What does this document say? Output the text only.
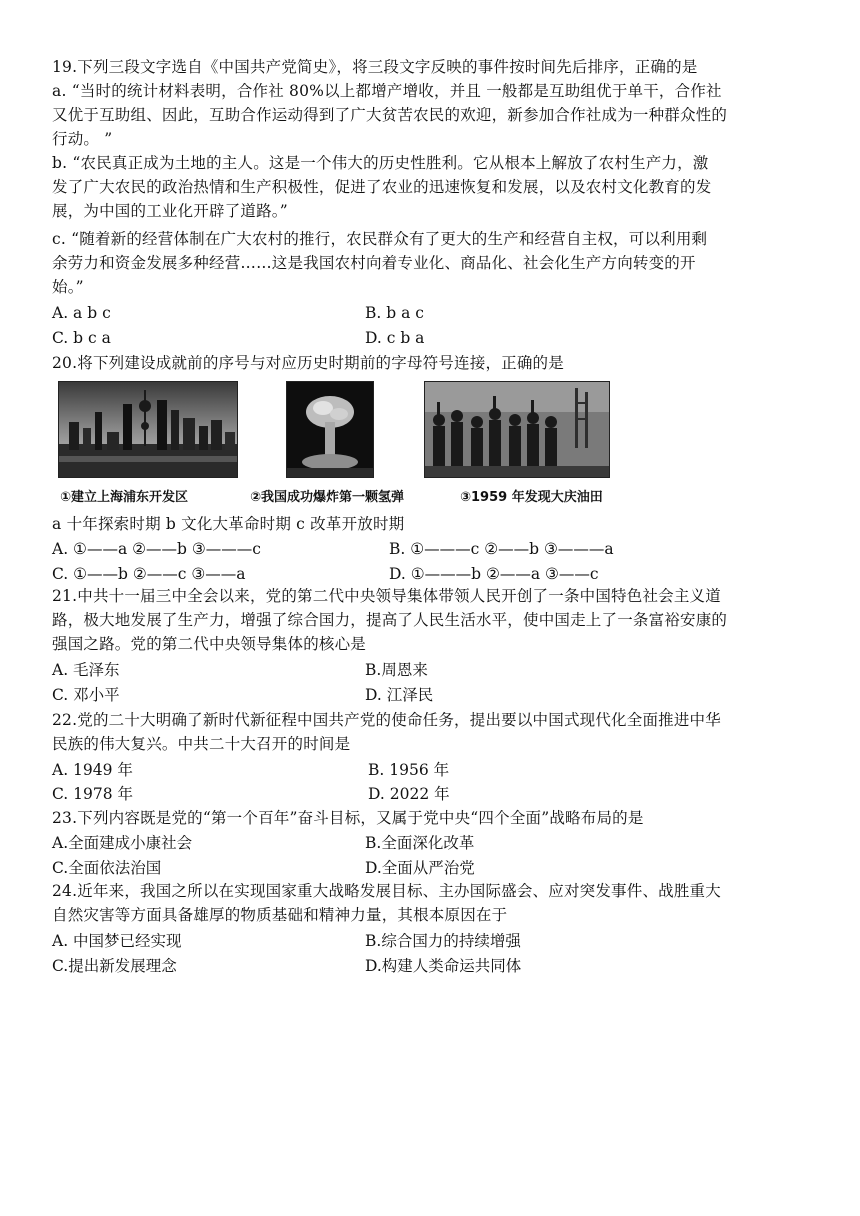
19.下列三段文字选自《中国共产党简史》，将三段文字反映的事件按时间先后排序，正确的是
a. “当时的统计材料表明，合作社 80%以上都增产增收，并且 一般都是互助组优于单干，合作社
又优于互助组、因此，互助合作运动得到了广大贫苦农民的欢迎，新参加合作社成为一种群众性的
行动。 ”
b. “农民真正成为土地的主人。这是一个伟大的历史性胜利。它从根本上解放了农村生产力，激
发了广大农民的政治热情和生产积极性，促进了农业的迅速恢复和发展，以及农村文化教育的发
展，为中国的工业化开辟了道路。”
c. “随着新的经营体制在广大农村的推行，农民群众有了更大的生产和经营自主权，可以利用剩
余劳力和资金发展多种经营……这是我国农村向着专业化、商品化、社会化生产方向转变的开
始。”
A. a b c	B. b a c
C. b c a	D. c b a
20.将下列建设成就前的序号与对应历史时期前的字母符号连接，正确的是
①建立上海浦东开发区	②我国成功爆炸第一颗氢弹	③1959 年发现大庆油田
a 十年探索时期 b 文化大革命时期 c 改革开放时期
A. ①——a ②——b ③———c	B. ①———c ②——b ③———a
C. ①——b ②——c ③——a	D. ①———b ②——a ③——c
21.中共十一届三中全会以来，党的第二代中央领导集体带领人民开创了一条中国特色社会主义道
路，极大地发展了生产力，增强了综合国力，提高了人民生活水平，使中国走上了一条富裕安康的
强国之路。党的第二代中央领导集体的核心是
A. 毛泽东	B.周恩来
C. 邓小平	D. 江泽民
22.党的二十大明确了新时代新征程中国共产党的使命任务，提出要以中国式现代化全面推进中华
民族的伟大复兴。中共二十大召开的时间是
A. 1949 年	B. 1956 年
C. 1978 年	D. 2022 年
23.下列内容既是党的“第一个百年”奋斗目标，又属于党中央“四个全面”战略布局的是
A.全面建成小康社会	B.全面深化改革
C.全面依法治国	D.全面从严治党
24.近年来，我国之所以在实现国家重大战略发展目标、主办国际盛会、应对突发事件、战胜重大
自然灾害等方面具备雄厚的物质基础和精神力量，其根本原因在于
A. 中国梦已经实现	B.综合国力的持续增强
C.提出新发展理念	D.构建人类命运共同体
